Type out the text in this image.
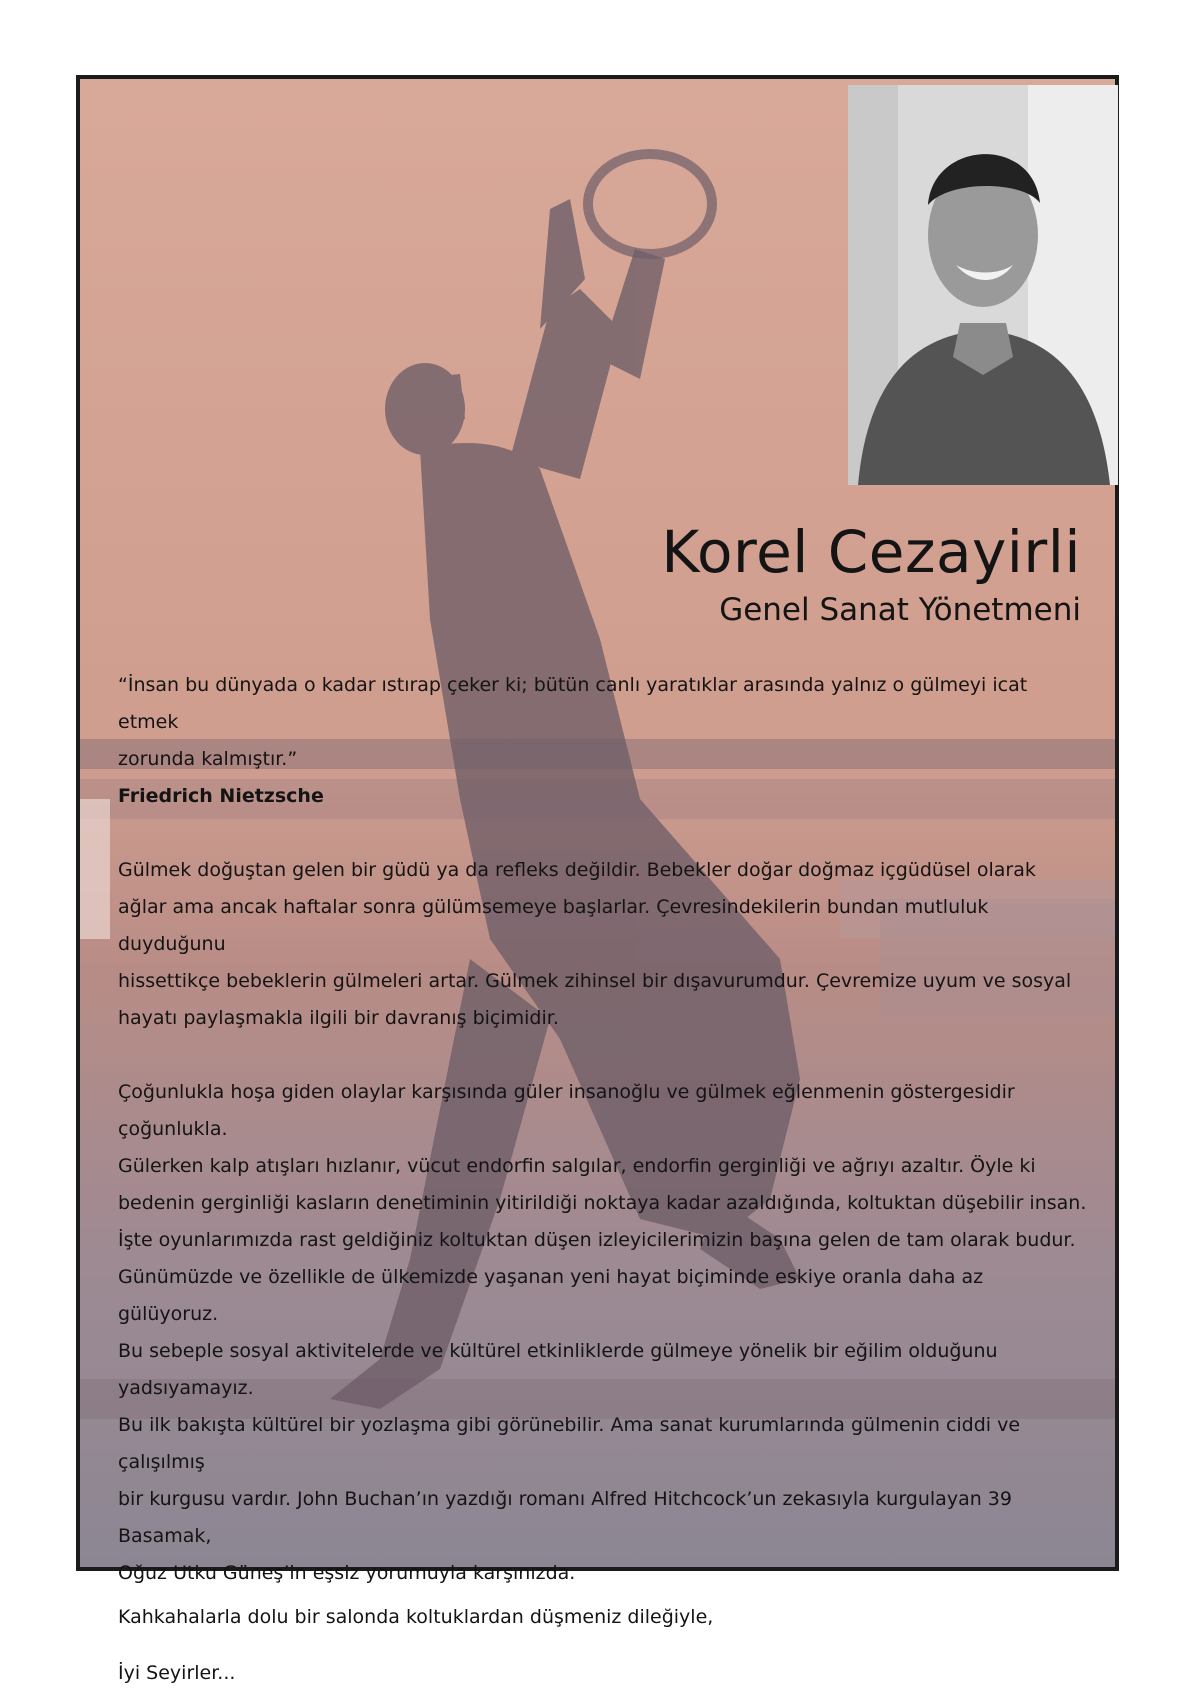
Korel Cezayirli
Genel Sanat Yönetmeni

“İnsan bu dünyada o kadar ıstırap çeker ki; bütün canlı yaratıklar arasında yalnız o gülmeyi icat etmek

zorunda kalmıştır.”

Friedrich Nietzsche

Gülmek doğuştan gelen bir güdü ya da refleks değildir. Bebekler doğar doğmaz içgüdüsel olarak

ağlar ama ancak haftalar sonra gülümsemeye başlarlar. Çevresindekilerin bundan mutluluk duyduğunu

hissettikçe bebeklerin gülmeleri artar. Gülmek zihinsel bir dışavurumdur. Çevremize uyum ve sosyal

hayatı paylaşmakla ilgili bir davranış biçimidir.

Çoğunlukla hoşa giden olaylar karşısında güler insanoğlu ve gülmek eğlenmenin göstergesidir çoğunlukla.

Gülerken kalp atışları hızlanır, vücut endorfin salgılar, endorfin gerginliği ve ağrıyı azaltır. Öyle ki

bedenin gerginliği kasların denetiminin yitirildiği noktaya kadar azaldığında, koltuktan düşebilir insan.

İşte oyunlarımızda rast geldiğiniz koltuktan düşen izleyicilerimizin başına gelen de tam olarak budur.

Günümüzde ve özellikle de ülkemizde yaşanan yeni hayat biçiminde eskiye oranla daha az gülüyoruz.

Bu sebeple sosyal aktivitelerde ve kültürel etkinliklerde gülmeye yönelik bir eğilim olduğunu yadsıyamayız.

Bu ilk bakışta kültürel bir yozlaşma gibi görünebilir. Ama sanat kurumlarında gülmenin ciddi ve çalışılmış

bir kurgusu vardır. John Buchan’ın yazdığı romanı Alfred Hitchcock’un zekasıyla kurgulayan 39 Basamak,

Oğuz Utku Güneş’in eşsiz yorumuyla karşınızda.

Kahkahalarla dolu bir salonda koltuklardan düşmeniz dileğiyle,

İyi Seyirler...
